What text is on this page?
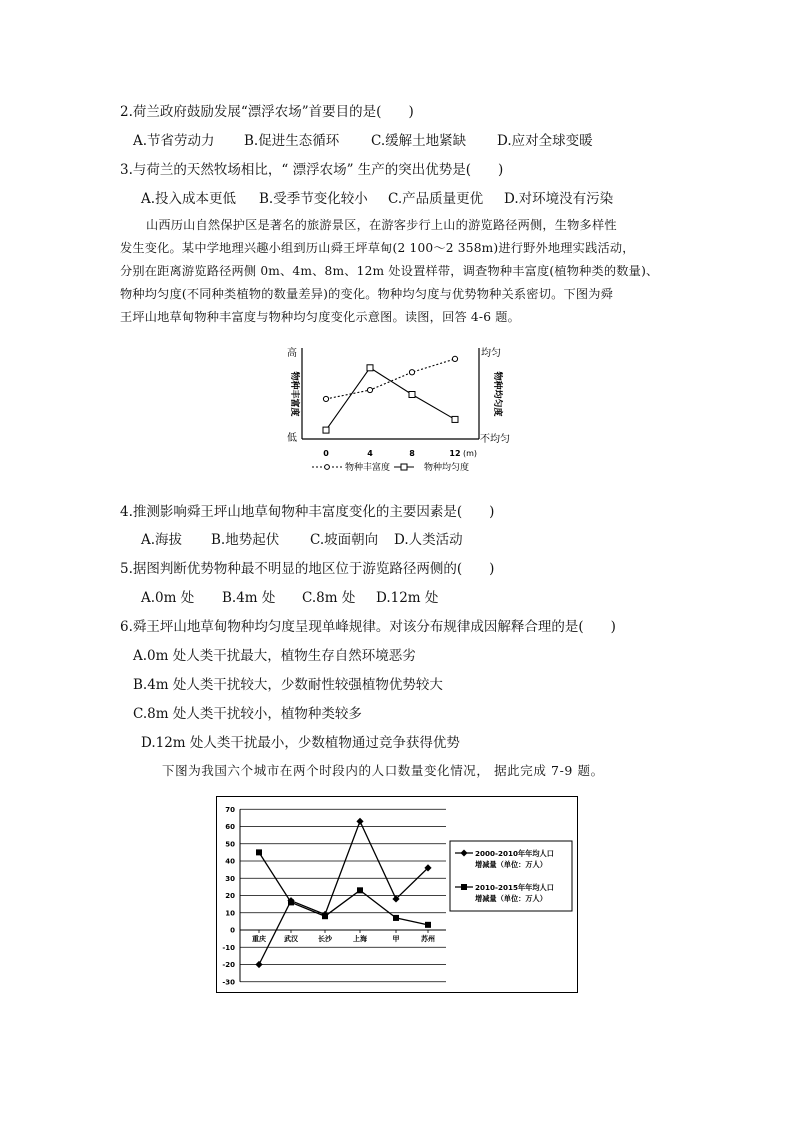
2.荷兰政府鼓励发展“漂浮农场”首要目的是(　　)
A.节省劳动力 B.促进生态循环 C.缓解土地紧缺 D.应对全球变暖
3.与荷兰的天然牧场相比，“ 漂浮农场” 生产的突出优势是(　　)
A.投入成本更低 B.受季节变化较小 C.产品质量更优 D.对环境没有污染
山西历山自然保护区是著名的旅游景区，在游客步行上山的游览路径两侧，生物多样性
发生变化。某中学地理兴趣小组到历山舜王坪草甸(2 100～2 358m)进行野外地理实践活动，
分别在距离游览路径两侧 0m、4m、8m、12m 处设置样带，调查物种丰富度(植物种类的数量)、
物种均匀度(不同种类植物的数量差异)的变化。物种均匀度与优势物种关系密切。下图为舜
王坪山地草甸物种丰富度与物种均匀度变化示意图。读图，回答 4-6 题。
高
低
物种丰富度
均匀
不均匀
物种均匀度
0	4	8	12 (m)
物种丰富度	物种均匀度
4.推测影响舜王坪山地草甸物种丰富度变化的主要因素是(　　)
A.海拔 B.地势起伏 C.坡面朝向 D.人类活动
5.据图判断优势物种最不明显的地区位于游览路径两侧的(　　)
A.0m 处 B.4m 处 C.8m 处 D.12m 处
6.舜王坪山地草甸物种均匀度呈现单峰规律。对该分布规律成因解释合理的是(　　)
A.0m 处人类干扰最大，植物生存自然环境恶劣
B.4m 处人类干扰较大，少数耐性较强植物优势较大
C.8m 处人类干扰较小，植物种类较多
D.12m 处人类干扰最小，少数植物通过竞争获得优势
下图为我国六个城市在两个时段内的人口数量变化情况， 据此完成 7-9 题。
-30
-20
-10
0
10
20
30
40
50
60
70
重庆	武汉	长沙	上海	甲	苏州
2000-2010年年均人口
增减量（单位：万人）
2010-2015年年均人口
增减量（单位：万人）
